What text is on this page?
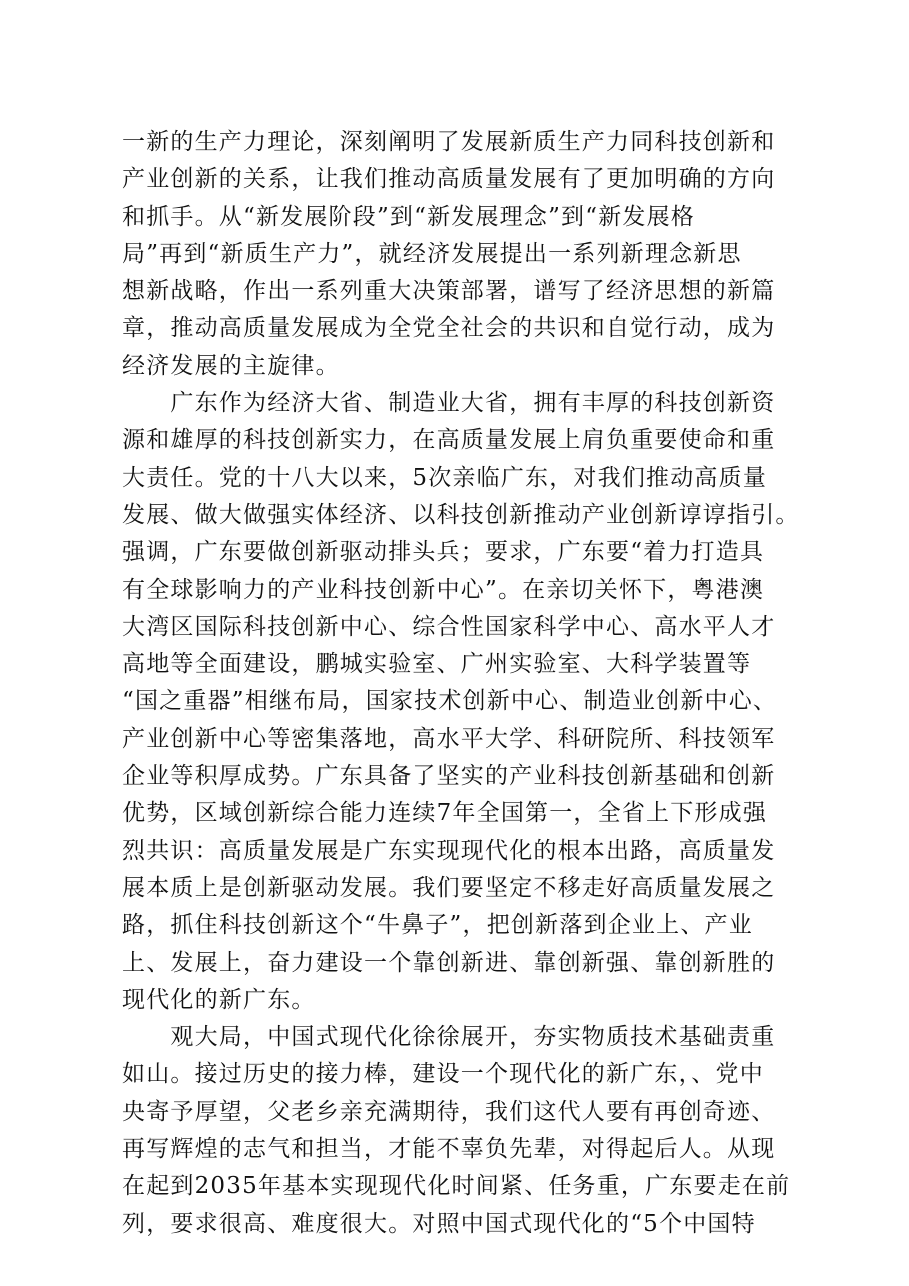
一新的生产力理论，深刻阐明了发展新质生产力同科技创新和
产业创新的关系，让我们推动高质量发展有了更加明确的方向
和抓手。从“新发展阶段”到“新发展理念”到“新发展格
局”再到“新质生产力”，就经济发展提出一系列新理念新思
想新战略，作出一系列重大决策部署，谱写了经济思想的新篇
章，推动高质量发展成为全党全社会的共识和自觉行动，成为
经济发展的主旋律。
　　广东作为经济大省、制造业大省，拥有丰厚的科技创新资
源和雄厚的科技创新实力，在高质量发展上肩负重要使命和重
大责任。党的十八大以来，5次亲临广东，对我们推动高质量
发展、做大做强实体经济、以科技创新推动产业创新谆谆指引。
强调，广东要做创新驱动排头兵；要求，广东要“着力打造具
有全球影响力的产业科技创新中心”。在亲切关怀下，粤港澳
大湾区国际科技创新中心、综合性国家科学中心、高水平人才
高地等全面建设，鹏城实验室、广州实验室、大科学装置等
“国之重器”相继布局，国家技术创新中心、制造业创新中心、
产业创新中心等密集落地，高水平大学、科研院所、科技领军
企业等积厚成势。广东具备了坚实的产业科技创新基础和创新
优势，区域创新综合能力连续7年全国第一，全省上下形成强
烈共识：高质量发展是广东实现现代化的根本出路，高质量发
展本质上是创新驱动发展。我们要坚定不移走好高质量发展之
路，抓住科技创新这个“牛鼻子”，把创新落到企业上、产业
上、发展上，奋力建设一个靠创新进、靠创新强、靠创新胜的
现代化的新广东。
　　观大局，中国式现代化徐徐展开，夯实物质技术基础责重
如山。接过历史的接力棒，建设一个现代化的新广东，、党中
央寄予厚望，父老乡亲充满期待，我们这代人要有再创奇迹、
再写辉煌的志气和担当，才能不辜负先辈，对得起后人。从现
在起到2035年基本实现现代化时间紧、任务重，广东要走在前
列，要求很高、难度很大。对照中国式现代化的“5个中国特
